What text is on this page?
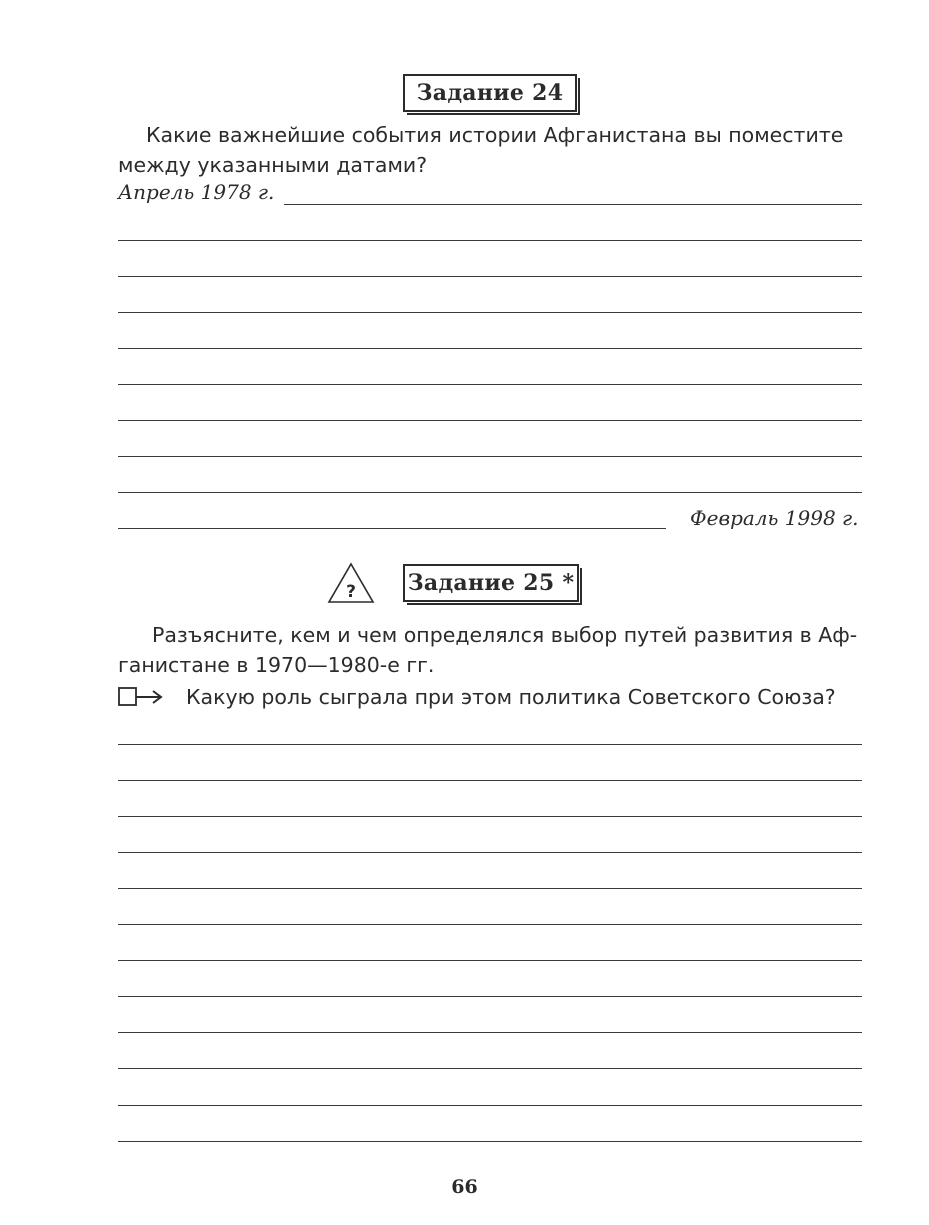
Задание 24
Какие важнейшие события истории Афганистана вы поместите
между указанными датами?
Апрель 1978 г.
Февраль 1998 г.
? Задание 25 *
Разъясните, кем и чем определялся выбор путей развития в Аф-
ганистане в 1970—1980-е гг.
Какую роль сыграла при этом политика Советского Союза?
66
